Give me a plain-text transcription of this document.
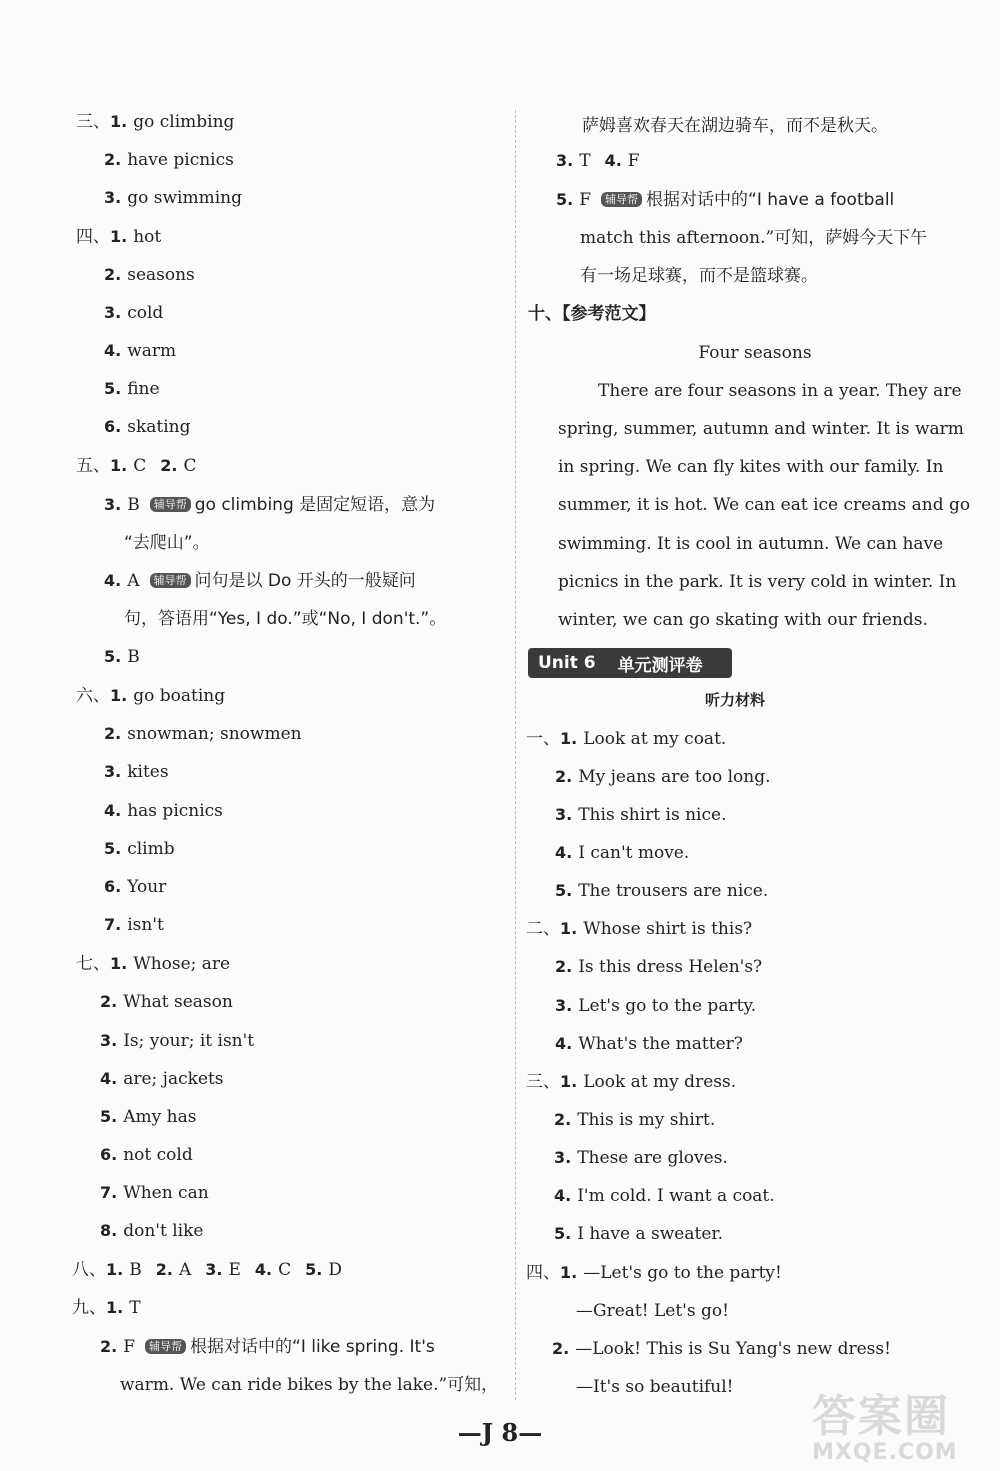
三、1. go climbing
2. have picnics
3. go swimming
四、1. hot
2. seasons
3. cold
4. warm
5. fine
6. skating
五、1. C 2. C
3. B 辅导帮 go climbing 是固定短语，意为
“去爬山”。
4. A 辅导帮 问句是以 Do 开头的一般疑问
句，答语用“Yes, I do.”或“No, I don't.”。
5. B
六、1. go boating
2. snowman; snowmen
3. kites
4. has picnics
5. climb
6. Your
7. isn't
七、1. Whose; are
2. What season
3. Is; your; it isn't
4. are; jackets
5. Amy has
6. not cold
7. When can
8. don't like
八、1. B 2. A 3. E 4. C 5. D
九、1. T
2. F 辅导帮 根据对话中的“I like spring. It's
warm. We can ride bikes by the lake.”可知，
萨姆喜欢春天在湖边骑车，而不是秋天。
3. T 4. F
5. F 辅导帮 根据对话中的“I have a football
match this afternoon.”可知，萨姆今天下午
有一场足球赛，而不是篮球赛。
十、【参考范文】
Four seasons
There are four seasons in a year. They are
spring, summer, autumn and winter. It is warm
in spring. We can fly kites with our family. In
summer, it is hot. We can eat ice creams and go
swimming. It is cool in autumn. We can have
picnics in the park. It is very cold in winter. In
winter, we can go skating with our friends.
Unit 6 单元测评卷
听力材料
一、1. Look at my coat.
2. My jeans are too long.
3. This shirt is nice.
4. I can't move.
5. The trousers are nice.
二、1. Whose shirt is this?
2. Is this dress Helen's?
3. Let's go to the party.
4. What's the matter?
三、1. Look at my dress.
2. This is my shirt.
3. These are gloves.
4. I'm cold. I want a coat.
5. I have a sweater.
四、1. —Let's go to the party!
—Great! Let's go!
2. —Look! This is Su Yang's new dress!
—It's so beautiful!
—J 8—	答案圈
MXQE.COM
